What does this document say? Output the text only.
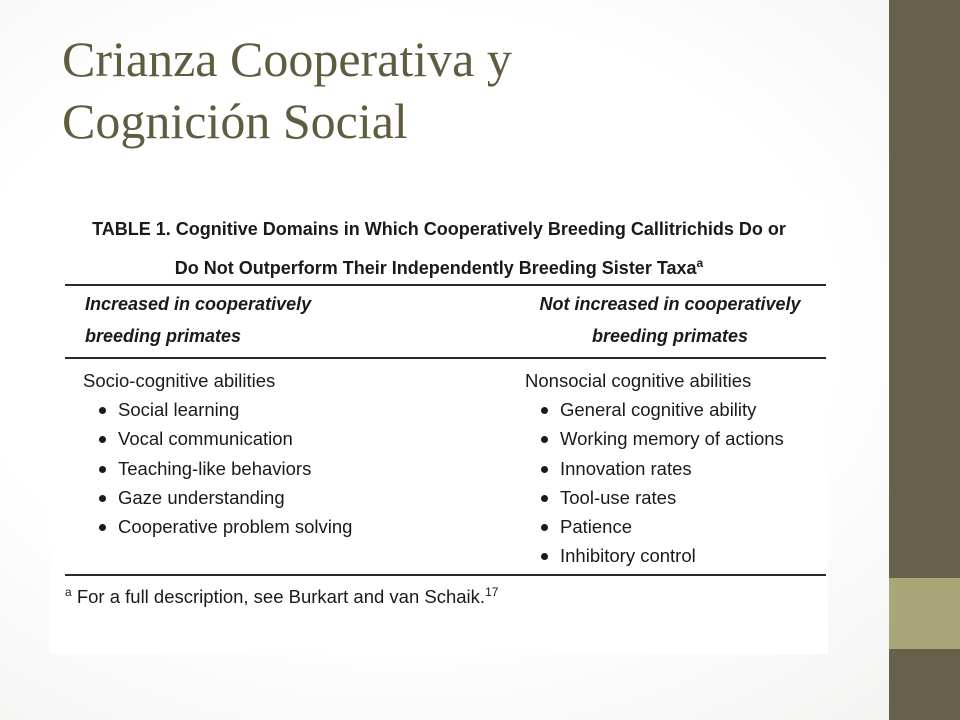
Crianza Cooperativa y
Cognición Social
TABLE 1. Cognitive Domains in Which Cooperatively Breeding Callitrichids Do or
Do Not Outperform Their Independently Breeding Sister Taxa$^a$
Increased in cooperatively
breeding primates
Not increased in cooperatively
breeding primates
Socio-cognitive abilities
Social learning
Vocal communication
Teaching-like behaviors
Gaze understanding
Cooperative problem solving
Nonsocial cognitive abilities
General cognitive ability
Working memory of actions
Innovation rates
Tool-use rates
Patience
Inhibitory control
$^a$ For a full description, see Burkart and van Schaik.$^{17}$
